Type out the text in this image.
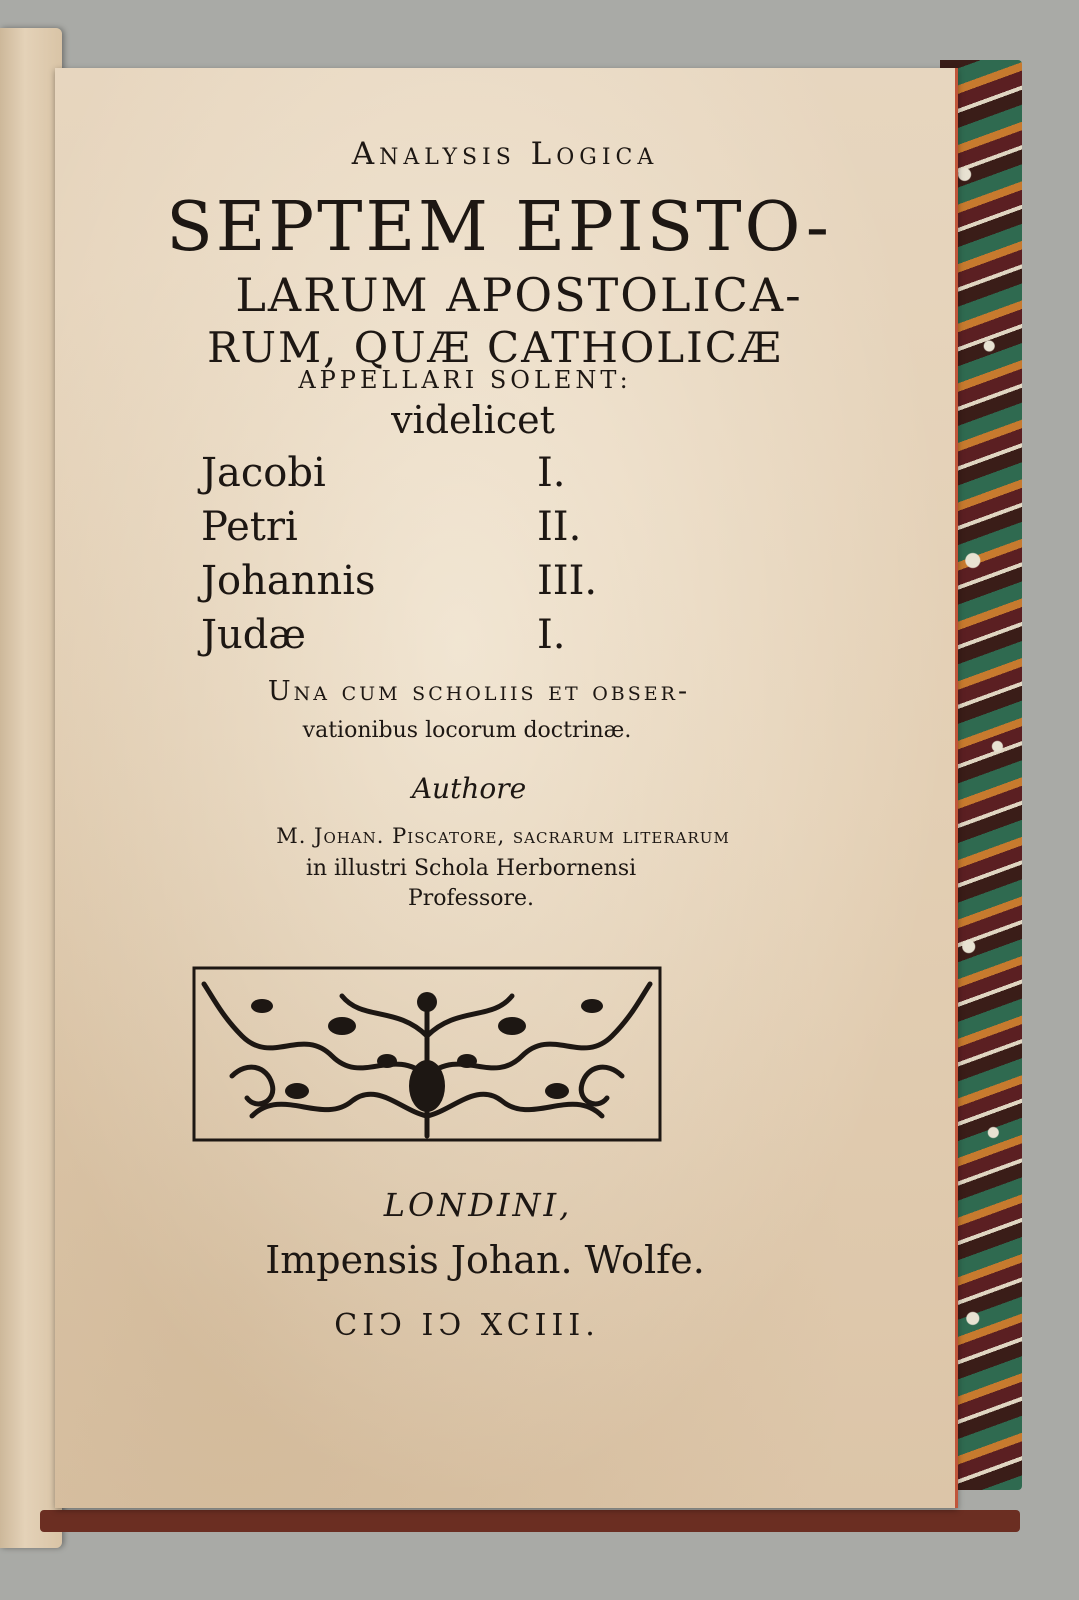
Analysis Logica
SEPTEM EPISTO-
LARUM APOSTOLICA-
RUM, QUÆ CATHOLICÆ
APPELLARI SOLENT:
videlicet
Jacobi	I.
Petri	II.
Johannis	III.
Judæ	I.
Una cum scholiis et obser-
vationibus locorum doctrinæ.
Authore
M. Johan. Piscatore, sacrarum literarum
in illustri Schola Herbornensi
Professore.
LONDINI,
Impensis Johan. Wolfe.
CIↃ IↃ XCIII.
